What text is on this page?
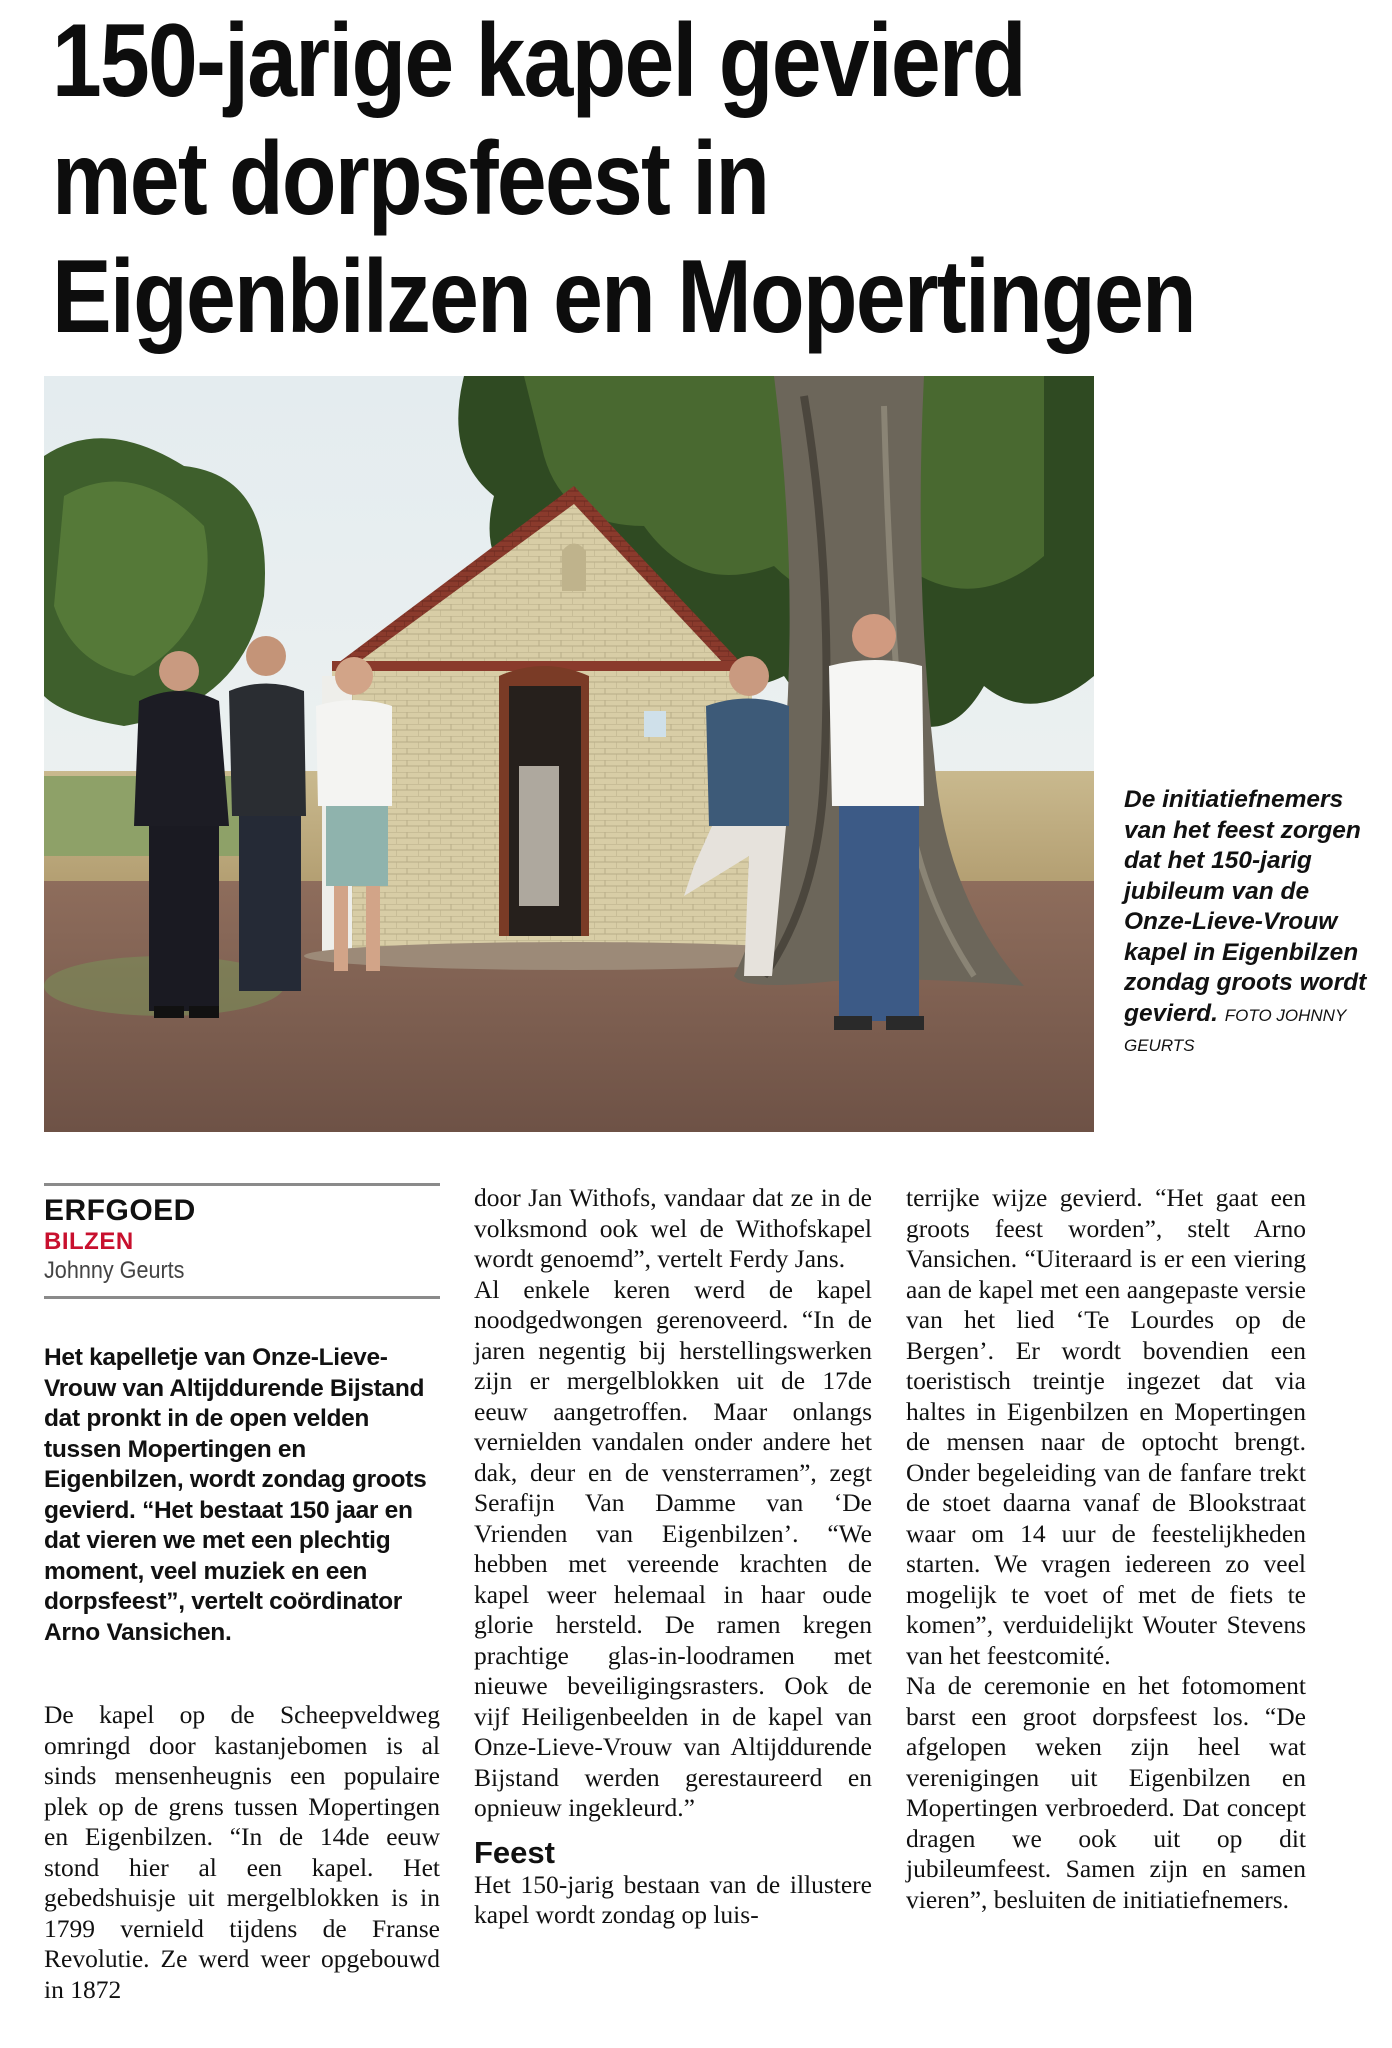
150-jarige kapel gevierd
met dorpsfeest in
Eigenbilzen en Mopertingen
De initiatiefnemers van het feest zorgen dat het 150-jarig jubileum van de Onze-Lieve-Vrouw kapel in Eigenbilzen zondag groots wordt gevierd. FOTO JOHNNY GEURTS
ERFGOED
BILZEN
Johnny Geurts

Het kapelletje van Onze-Lieve-Vrouw van Altijddurende Bijstand dat pronkt in de open velden tussen Mopertingen en Eigenbilzen, wordt zondag groots gevierd. “Het bestaat 150 jaar en dat vieren we met een plechtig moment, veel muziek en een dorpsfeest”, vertelt coördinator Arno Vansichen.

De kapel op de Scheepveldweg omringd door kastanjebomen is al sinds mensenheugnis een populaire plek op de grens tussen Mopertingen en Eigenbilzen. “In de 14de eeuw stond hier al een kapel. Het gebedshuisje uit mergelblokken is in 1799 vernield tijdens de Franse Revolutie. Ze werd weer opgebouwd in 1872

door Jan Withofs, vandaar dat ze in de volksmond ook wel de Withofskapel wordt genoemd”, vertelt Ferdy Jans.

Al enkele keren werd de kapel noodgedwongen gerenoveerd. “In de jaren negentig bij herstellingswerken zijn er mergelblokken uit de 17de eeuw aangetroffen. Maar onlangs vernielden vandalen onder andere het dak, deur en de vensterramen”, zegt Serafijn Van Damme van ‘De Vrienden van Eigenbilzen’. “We hebben met vereende krachten de kapel weer helemaal in haar oude glorie hersteld. De ramen kregen prachtige glas-in-loodramen met nieuwe beveiligingsrasters. Ook de vijf Heiligenbeelden in de kapel van Onze-Lieve-Vrouw van Altijddurende Bijstand werden gerestaureerd en opnieuw ingekleurd.”

Feest

Het 150-jarig bestaan van de illustere kapel wordt zondag op luis-

terrijke wijze gevierd. “Het gaat een groots feest worden”, stelt Arno Vansichen. “Uiteraard is er een viering aan de kapel met een aangepaste versie van het lied ‘Te Lourdes op de Bergen’. Er wordt bovendien een toeristisch treintje ingezet dat via haltes in Eigenbilzen en Mopertingen de mensen naar de optocht brengt. Onder begeleiding van de fanfare trekt de stoet daarna vanaf de Blookstraat waar om 14 uur de feestelijkheden starten. We vragen iedereen zo veel mogelijk te voet of met de fiets te komen”, verduidelijkt Wouter Stevens van het feestcomité.

Na de ceremonie en het fotomoment barst een groot dorpsfeest los. “De afgelopen weken zijn heel wat verenigingen uit Eigenbilzen en Mopertingen verbroederd. Dat concept dragen we ook uit op dit jubileumfeest. Samen zijn en samen vieren”, besluiten de initiatiefnemers.
